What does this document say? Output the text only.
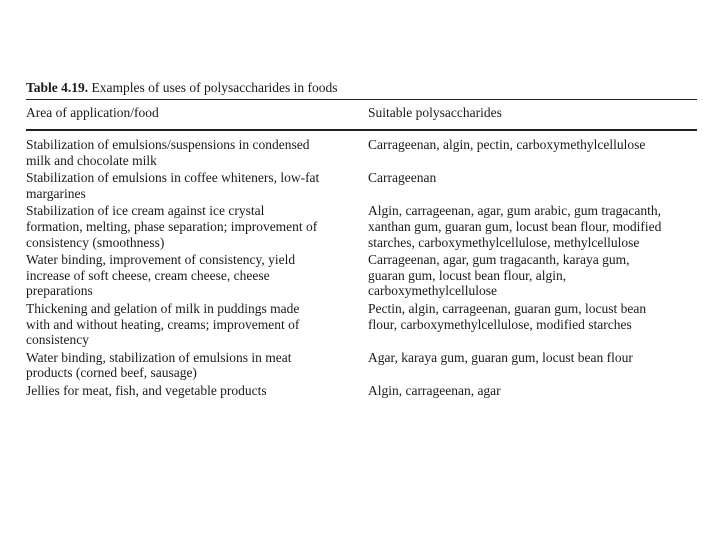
Table 4.19. Examples of uses of polysaccharides in foods
Area of application/food	Suitable polysaccharides
Stabilization of emulsions/suspensions in condensed
milk and chocolate milk
Carrageenan, algin, pectin, carboxymethylcellulose
Stabilization of emulsions in coffee whiteners, low-fat
margarines
Carrageenan
Stabilization of ice cream against ice crystal
formation, melting, phase separation; improvement of
consistency (smoothness)
Algin, carrageenan, agar, gum arabic, gum tragacanth,
xanthan gum, guaran gum, locust bean flour, modified
starches, carboxymethylcellulose, methylcellulose
Water binding, improvement of consistency, yield
increase of soft cheese, cream cheese, cheese
preparations
Carrageenan, agar, gum tragacanth, karaya gum,
guaran gum, locust bean flour, algin,
carboxymethylcellulose
Thickening and gelation of milk in puddings made
with and without heating, creams; improvement of
consistency
Pectin, algin, carrageenan, guaran gum, locust bean
flour, carboxymethylcellulose, modified starches
Water binding, stabilization of emulsions in meat
products (corned beef, sausage)
Agar, karaya gum, guaran gum, locust bean flour
Jellies for meat, fish, and vegetable products	Algin, carrageenan, agar
